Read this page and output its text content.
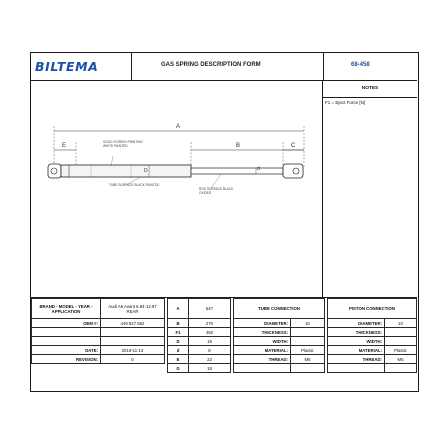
BILTEMA	GAS SPRING DESCRIPTION FORM	68-458
A
E	B	C
D	d
SOLID SCREEN PRINTING WHITE PAINTED
TUBE SURFACE BLACK PAINTED
ROD SURFACE BLACK OXIDED
NOTES
F1 = Eject Force [N]
BRAND - MODEL - YEAR - APPLICATION	Audi A6 Avant 6.94-12.97 REAR
OEM #:	449 827 552

DATE:	2019-11-13
REVISION:	0
A	647
B	270
F1	450
D	18
d	8
E	22
G	18
TUBE CONNECTION	
DIAMETER:	10
THICKNESS:	
WIDTH:	
MATERIAL:	Plastic
THREAD:	M6

PISTON CONNECTION	
DIAMETER:	10
THICKNESS:	
WIDTH:	
MATERIAL:	Plastic
THREAD:	M6
